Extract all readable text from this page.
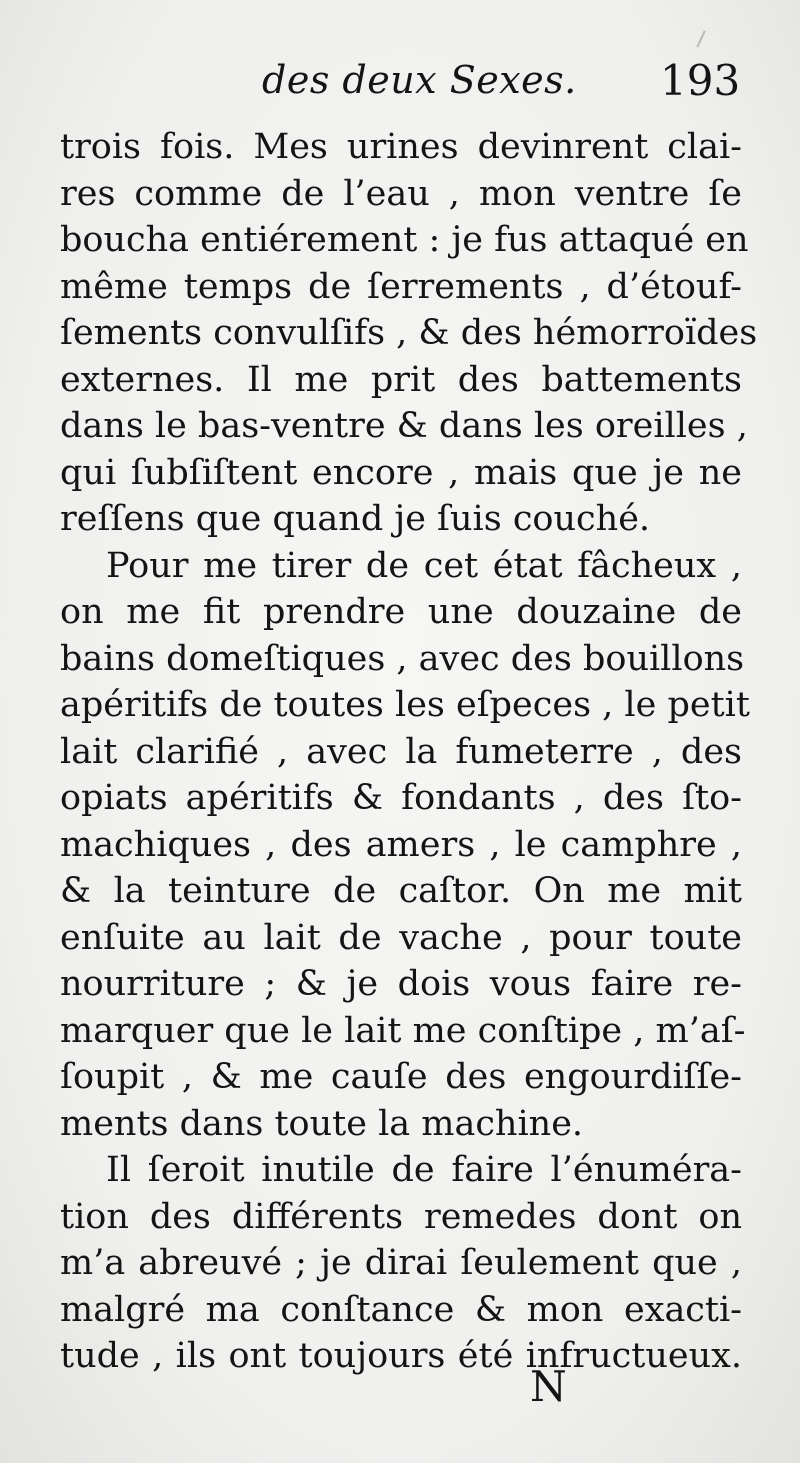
des deux Sexes. 193
trois fois. Mes urines devinrent clai-
res comme de l’eau , mon ventre ſe
boucha entiérement : je fus attaqué en
même temps de ſerrements , d’étouf-
ſements convulſifs , & des hémorroïdes
externes. Il me prit des battements
dans le bas-ventre & dans les oreilles ,
qui ſubſiſtent encore , mais que je ne
reſſens que quand je ſuis couché.
Pour me tirer de cet état fâcheux ,
on me fit prendre une douzaine de
bains domeſtiques , avec des bouillons
apéritifs de toutes les eſpeces , le petit
lait clarifié , avec la fumeterre , des
opiats apéritifs & fondants , des ſto-
machiques , des amers , le camphre ,
& la teinture de caſtor. On me mit
enſuite au lait de vache , pour toute
nourriture ; & je dois vous faire re-
marquer que le lait me conſtipe , m’aſ-
ſoupit , & me cauſe des engourdiſſe-
ments dans toute la machine.
Il ſeroit inutile de faire l’énuméra-
tion des différents remedes dont on
m’a abreuvé ; je dirai ſeulement que ,
malgré ma conſtance & mon exacti-
tude , ils ont toujours été infructueux.
N
